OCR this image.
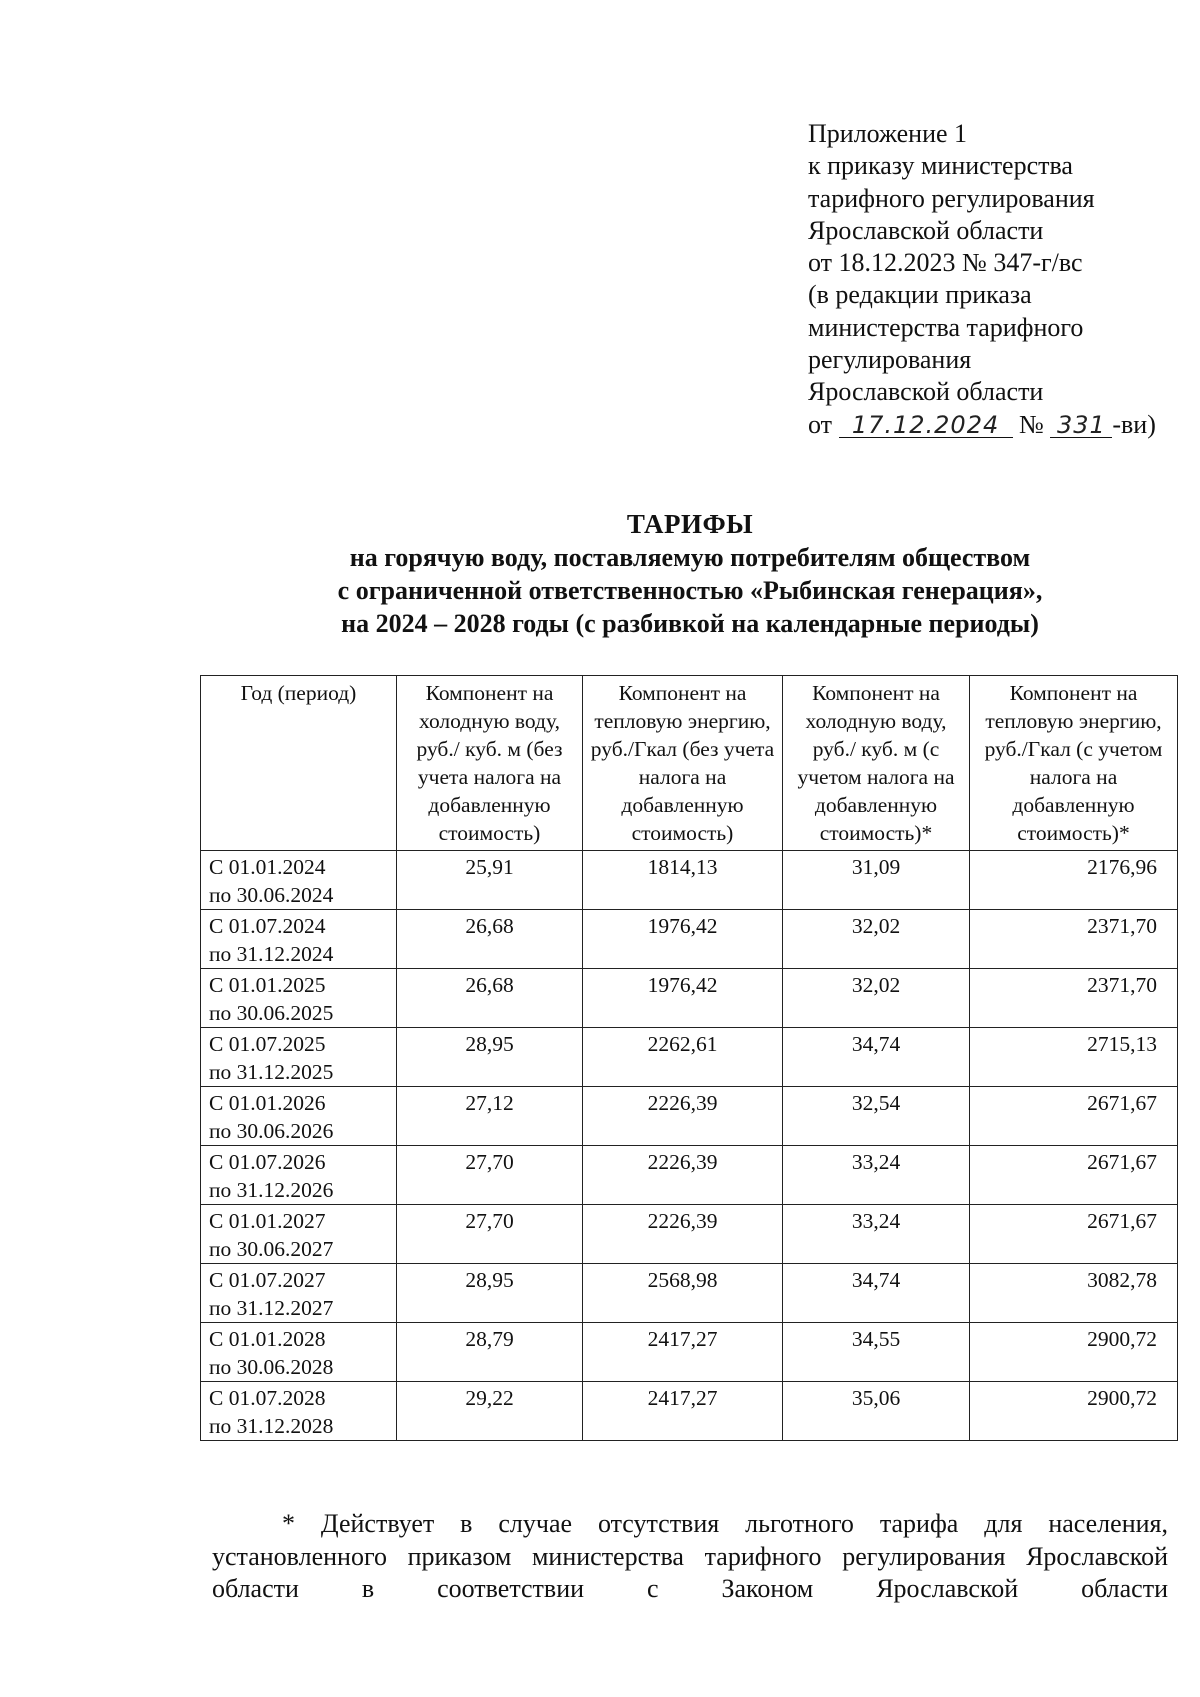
Приложение 1
к приказу министерства
тарифного регулирования
Ярославской области
от 18.12.2023 № 347-г/вс
(в редакции приказа
министерства тарифного
регулирования
Ярославской области
от 17.12.2024 № 331 -ви)
ТАРИФЫ
на горячую воду, поставляемую потребителям обществом
с ограниченной ответственностью «Рыбинская генерация»,
на 2024 – 2028 годы (с разбивкой на календарные периоды)
Год (период)	Компонент на холодную воду, руб./ куб. м (без учета налога на добавленную стоимость)	Компонент на тепловую энергию, руб./Гкал (без учета налога на добавленную стоимость)	Компонент на холодную воду, руб./ куб. м (с учетом налога на добавленную стоимость)*	Компонент на тепловую энергию, руб./Гкал (с учетом налога на добавленную стоимость)*

С 01.01.2024
по 30.06.2024	25,91	1814,13	31,09	2176,96

С 01.07.2024
по 31.12.2024	26,68	1976,42	32,02	2371,70

С 01.01.2025
по 30.06.2025	26,68	1976,42	32,02	2371,70

С 01.07.2025
по 31.12.2025	28,95	2262,61	34,74	2715,13

С 01.01.2026
по 30.06.2026	27,12	2226,39	32,54	2671,67

С 01.07.2026
по 31.12.2026	27,70	2226,39	33,24	2671,67

С 01.01.2027
по 30.06.2027	27,70	2226,39	33,24	2671,67

С 01.07.2027
по 31.12.2027	28,95	2568,98	34,74	3082,78

С 01.01.2028
по 30.06.2028	28,79	2417,27	34,55	2900,72

С 01.07.2028
по 31.12.2028	29,22	2417,27	35,06	2900,72
* Действует в случае отсутствия льготного тарифа для населения, установленного приказом министерства тарифного регулирования Ярославской области в соответствии с Законом Ярославской области
